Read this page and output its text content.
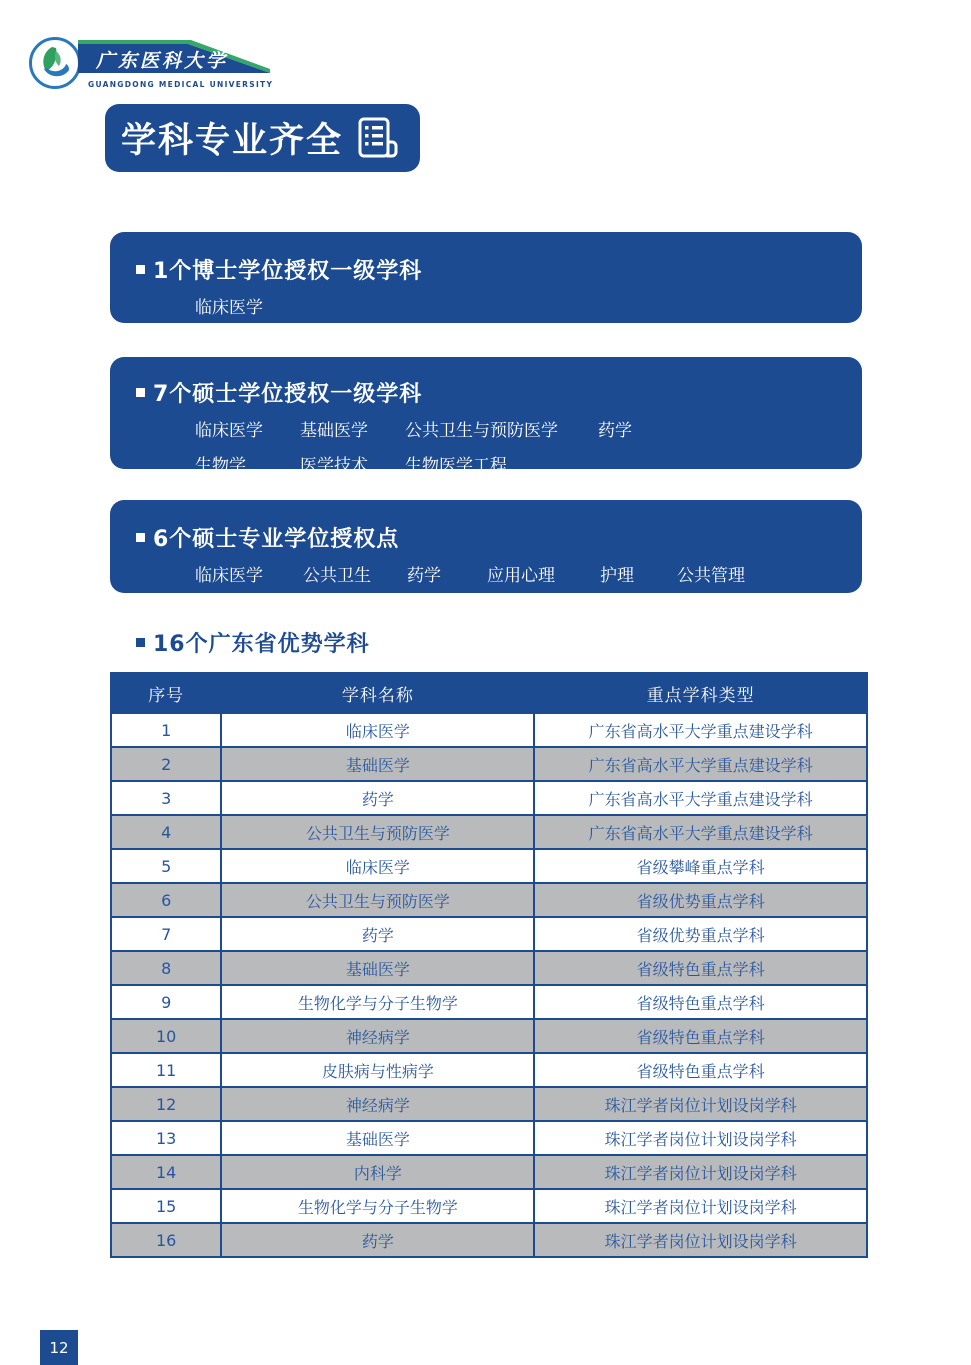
广东医科大学
GUANGDONG MEDICAL UNIVERSITY
学科专业齐全
1个博士学位授权一级学科
临床医学
7个硕士学位授权一级学科
临床医学	基础医学	公共卫生与预防医学	药学
生物学	医学技术	生物医学工程
6个硕士专业学位授权点
临床医学	公共卫生	药学	应用心理	护理	公共管理
16个广东省优势学科
序号	学科名称	重点学科类型
1	临床医学	广东省高水平大学重点建设学科
2	基础医学	广东省高水平大学重点建设学科
3	药学	广东省高水平大学重点建设学科
4	公共卫生与预防医学	广东省高水平大学重点建设学科
5	临床医学	省级攀峰重点学科
6	公共卫生与预防医学	省级优势重点学科
7	药学	省级优势重点学科
8	基础医学	省级特色重点学科
9	生物化学与分子生物学	省级特色重点学科
10	神经病学	省级特色重点学科
11	皮肤病与性病学	省级特色重点学科
12	神经病学	珠江学者岗位计划设岗学科
13	基础医学	珠江学者岗位计划设岗学科
14	内科学	珠江学者岗位计划设岗学科
15	生物化学与分子生物学	珠江学者岗位计划设岗学科
16	药学	珠江学者岗位计划设岗学科
12
